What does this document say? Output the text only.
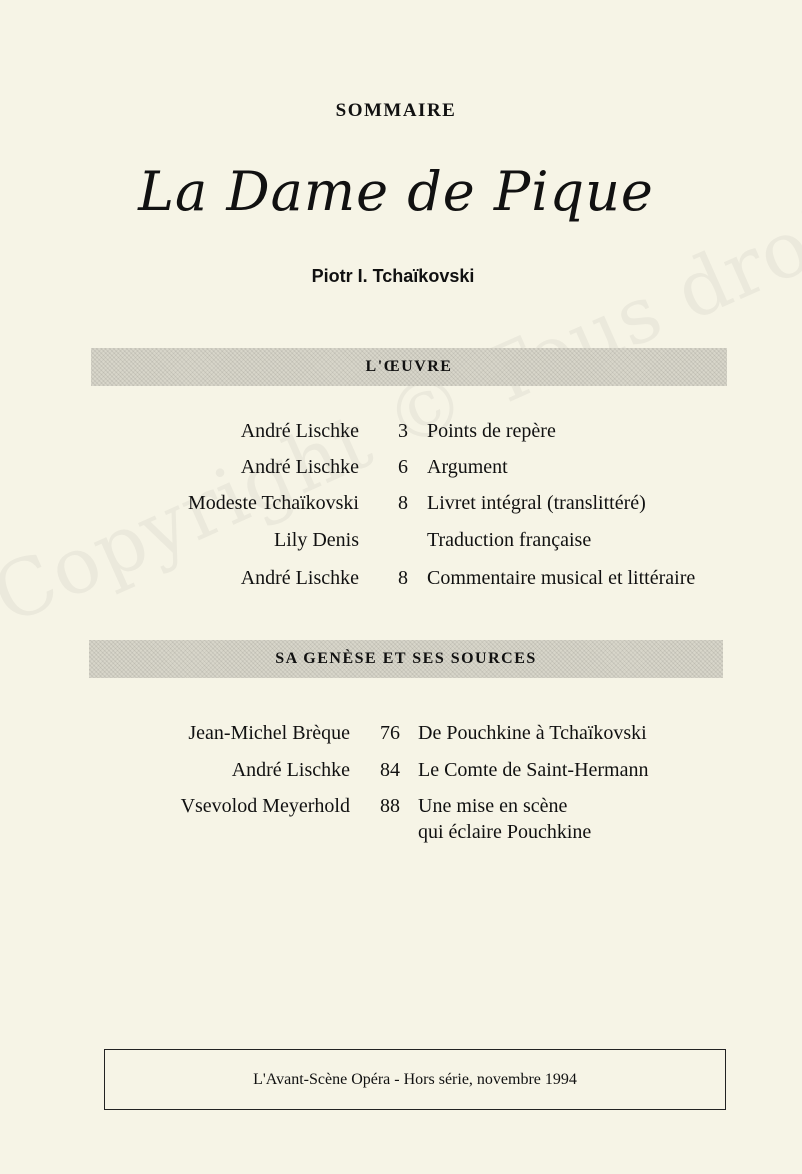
SOMMAIRE
La Dame de Pique
Piotr I. Tchaïkovski
L'ŒUVRE
André Lischke	3 Points de repère
André Lischke	6 Argument
Modeste Tchaïkovski	8 Livret intégral (translittéré)
Lily Denis	Traduction française
André Lischke	8 Commentaire musical et littéraire
SA GENÈSE ET SES SOURCES
Jean-Michel Brèque	76 De Pouchkine à Tchaïkovski
André Lischke	84 Le Comte de Saint-Hermann
Vsevolod Meyerhold	88 Une mise en scène
qui éclaire Pouchkine
L'Avant-Scène Opéra - Hors série, novembre 1994
